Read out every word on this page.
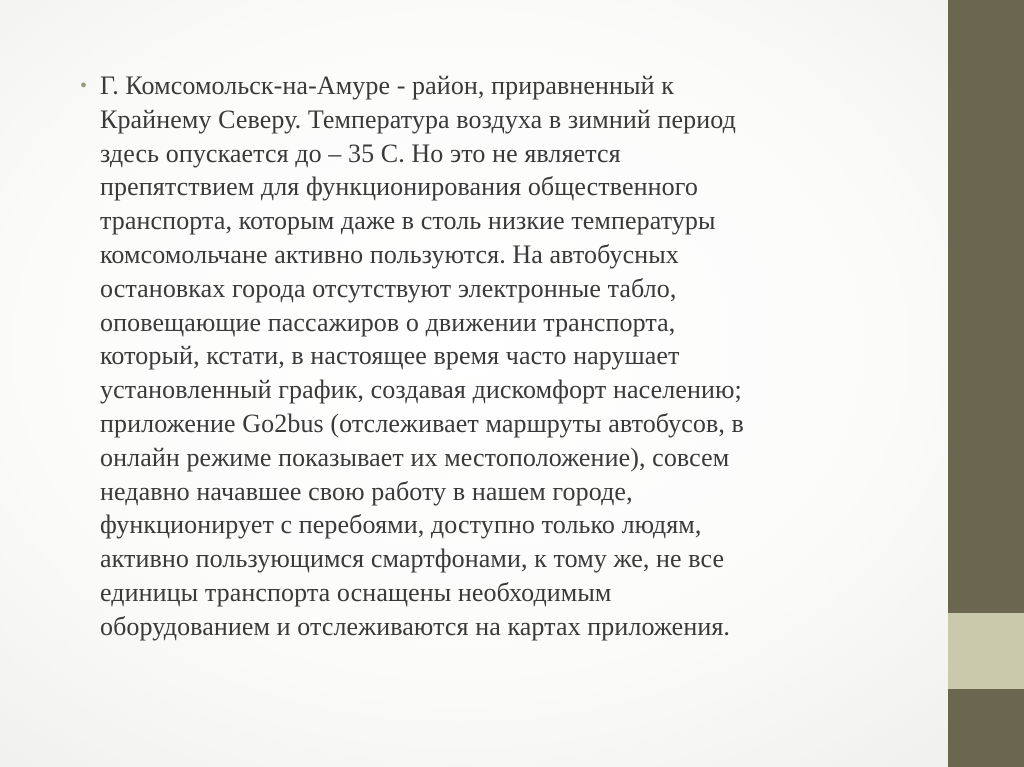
• Г. Комсомольск-на-Амуре - район, приравненный к
Крайнему Северу. Температура воздуха в зимний период
здесь опускается до – 35 С. Но это не является
препятствием для функционирования общественного
транспорта, которым даже в столь низкие температуры
комсомольчане активно пользуются. На автобусных
остановках города отсутствуют электронные табло,
оповещающие пассажиров о движении транспорта,
который, кстати, в настоящее время часто нарушает
установленный график, создавая дискомфорт населению;
приложение Go2bus (отслеживает маршруты автобусов, в
онлайн режиме показывает их местоположение), совсем
недавно начавшее свою работу в нашем городе,
функционирует с перебоями, доступно только людям,
активно пользующимся смартфонами, к тому же, не все
единицы транспорта оснащены необходимым
оборудованием и отслеживаются на картах приложения.
